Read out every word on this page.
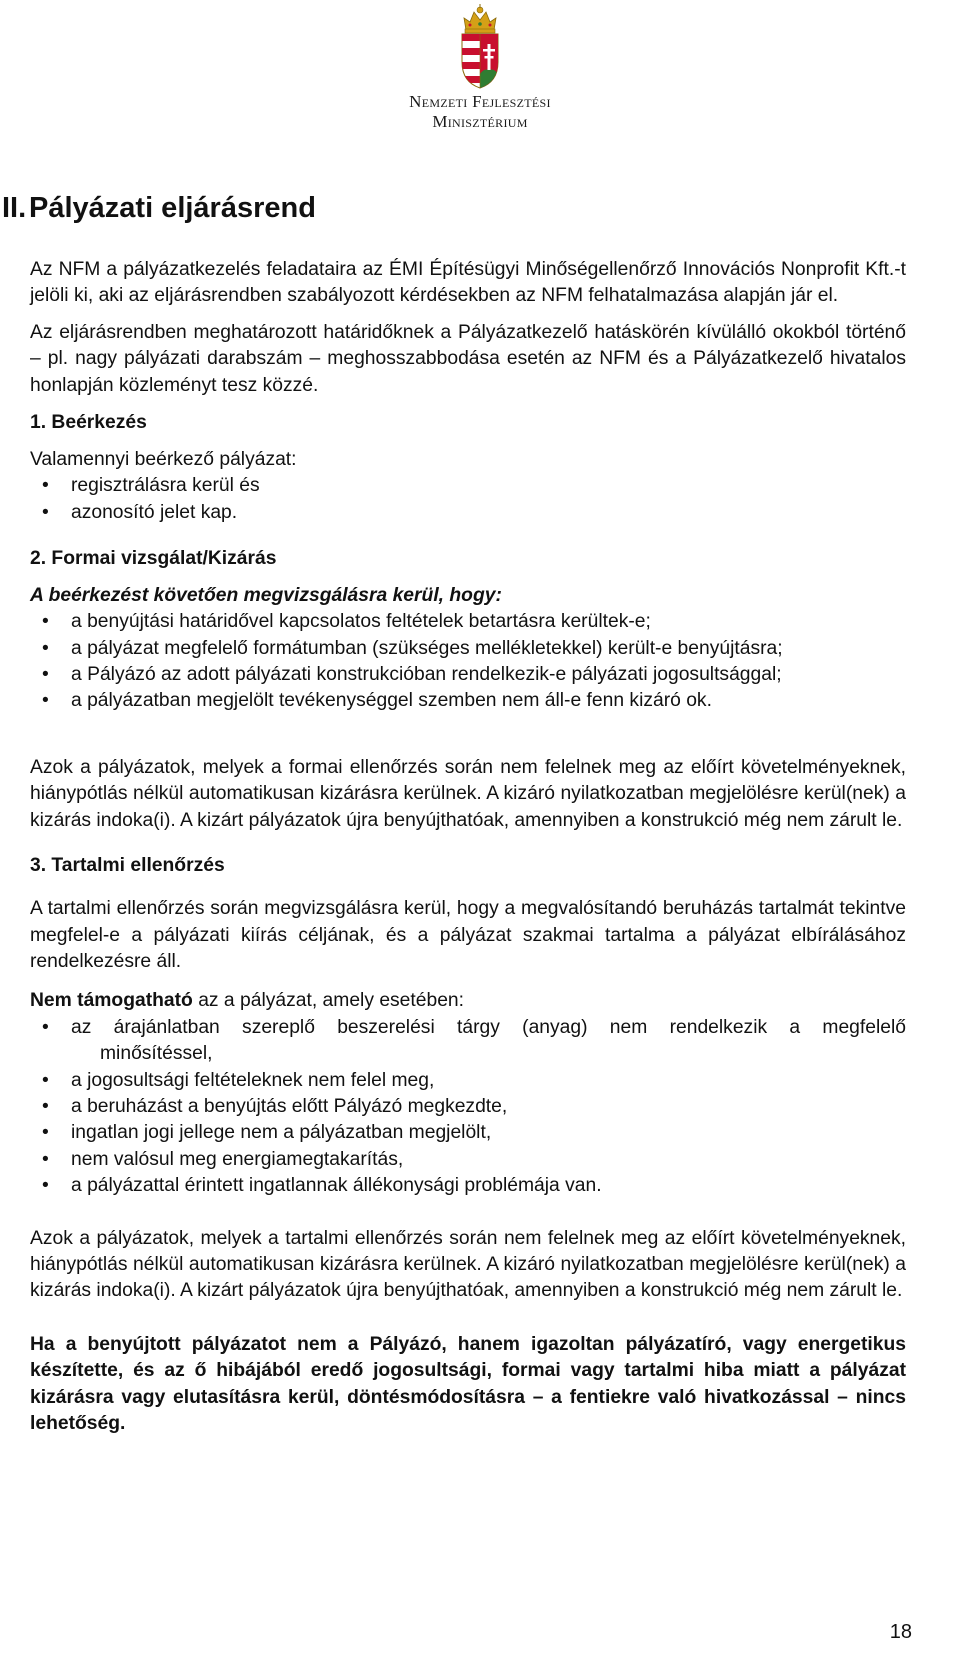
Nemzeti Fejlesztési
Minisztérium
II.Pályázati eljárásrend

Az NFM a pályázatkezelés feladataira az ÉMI Építésügyi Minőségellenőrző Innovációs Nonprofit Kft.-t jelöli ki, aki az eljárásrendben szabályozott kérdésekben az NFM felhatalmazása alapján jár el.

Az eljárásrendben meghatározott határidőknek a Pályázatkezelő hatáskörén kívülálló okokból történő – pl. nagy pályázati darabszám – meghosszabbodása esetén az NFM és a Pályázatkezelő hivatalos honlapján közleményt tesz közzé.

1. Beérkezés
Valamennyi beérkező pályázat:
•	regisztrálásra kerül és
•	azonosító jelet kap.
2. Formai vizsgálat/Kizárás
A beérkezést követően megvizsgálásra kerül, hogy:
•	a benyújtási határidővel kapcsolatos feltételek betartásra kerültek-e;
•	a pályázat megfelelő formátumban (szükséges mellékletekkel) került-e benyújtásra;
•	a Pályázó az adott pályázati konstrukcióban rendelkezik-e pályázati jogosultsággal;
•	a pályázatban megjelölt tevékenységgel szemben nem áll-e fenn kizáró ok.

Azok a pályázatok, melyek a formai ellenőrzés során nem felelnek meg az előírt követelményeknek, hiánypótlás nélkül automatikusan kizárásra kerülnek. A kizáró nyilatkozatban megjelölésre kerül(nek) a kizárás indoka(i). A kizárt pályázatok újra benyújthatóak, amennyiben a konstrukció még nem zárult le.

3. Tartalmi ellenőrzés

A tartalmi ellenőrzés során megvizsgálásra kerül, hogy a megvalósítandó beruházás tartalmát tekintve megfelel-e a pályázati kiírás céljának, és a pályázat szakmai tartalma a pályázat elbírálásához rendelkezésre áll.

Nem támogatható az a pályázat, amely esetében:
•	az árajánlatban szereplő beszerelési tárgy (anyag) nem rendelkezik a megfelelő
minősítéssel,
•	a jogosultsági feltételeknek nem felel meg,
•	a beruházást a benyújtás előtt Pályázó megkezdte,
•	ingatlan jogi jellege nem a pályázatban megjelölt,
•	nem valósul meg energiamegtakarítás,
•	a pályázattal érintett ingatlannak állékonysági problémája van.

Azok a pályázatok, melyek a tartalmi ellenőrzés során nem felelnek meg az előírt követelményeknek, hiánypótlás nélkül automatikusan kizárásra kerülnek. A kizáró nyilatkozatban megjelölésre kerül(nek) a kizárás indoka(i). A kizárt pályázatok újra benyújthatóak, amennyiben a konstrukció még nem zárult le.

Ha a benyújtott pályázatot nem a Pályázó, hanem igazoltan pályázatíró, vagy energetikus készítette, és az ő hibájából eredő jogosultsági, formai vagy tartalmi hiba miatt a pályázat kizárásra vagy elutasításra kerül, döntésmódosításra – a fentiekre való hivatkozással – nincs lehetőség.

18
